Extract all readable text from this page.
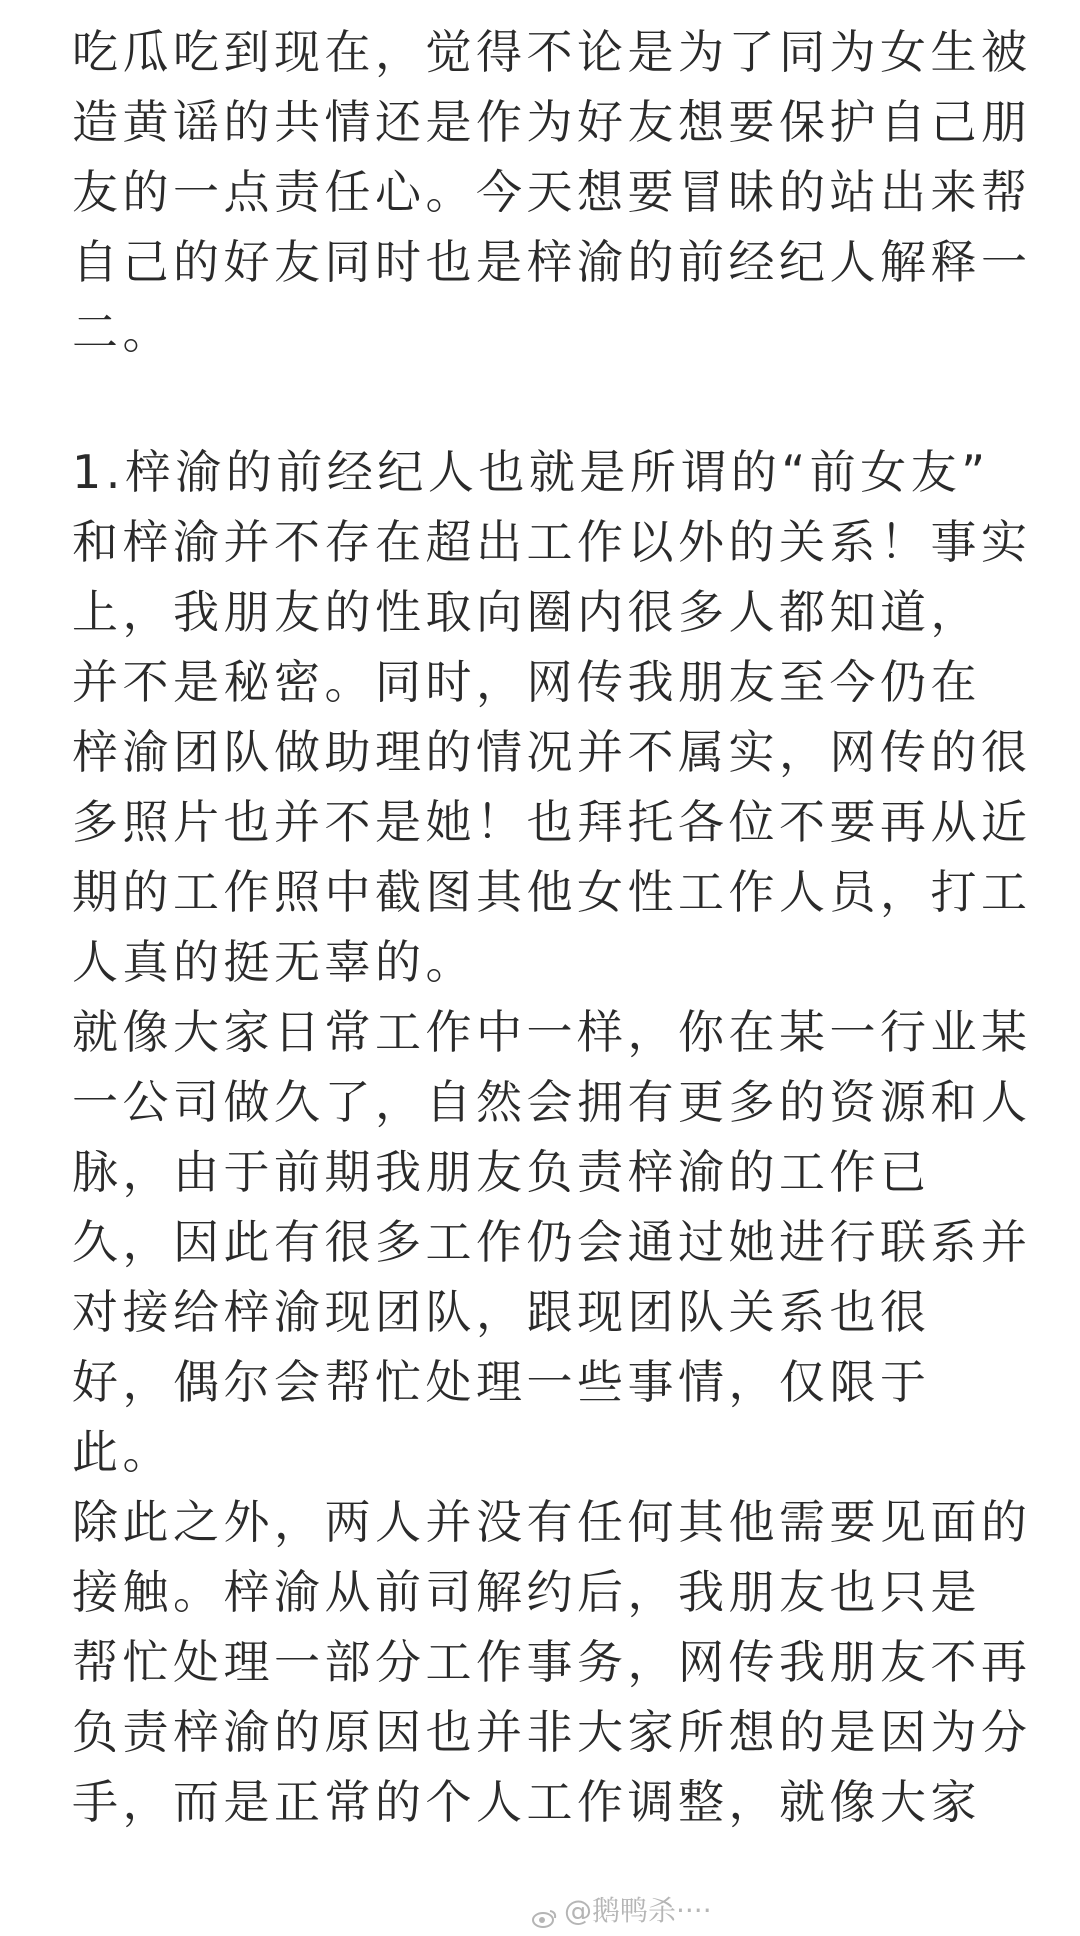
吃瓜吃到现在，觉得不论是为了同为女生被
造黄谣的共情还是作为好友想要保护自己朋
友的一点责任心。今天想要冒昧的站出来帮
自己的好友同时也是梓渝的前经纪人解释一
二。
1.梓渝的前经纪人也就是所谓的“前女友”
和梓渝并不存在超出工作以外的关系！事实
上，我朋友的性取向圈内很多人都知道，
并不是秘密。同时，网传我朋友至今仍在
梓渝团队做助理的情况并不属实，网传的很
多照片也并不是她！也拜托各位不要再从近
期的工作照中截图其他女性工作人员，打工
人真的挺无辜的。
就像大家日常工作中一样，你在某一行业某
一公司做久了，自然会拥有更多的资源和人
脉，由于前期我朋友负责梓渝的工作已
久，因此有很多工作仍会通过她进行联系并
对接给梓渝现团队，跟现团队关系也很
好，偶尔会帮忙处理一些事情，仅限于
此。
除此之外，两人并没有任何其他需要见面的
接触。梓渝从前司解约后，我朋友也只是
帮忙处理一部分工作事务，网传我朋友不再
负责梓渝的原因也并非大家所想的是因为分
手，而是正常的个人工作调整，就像大家
@鹅鸭杀····
